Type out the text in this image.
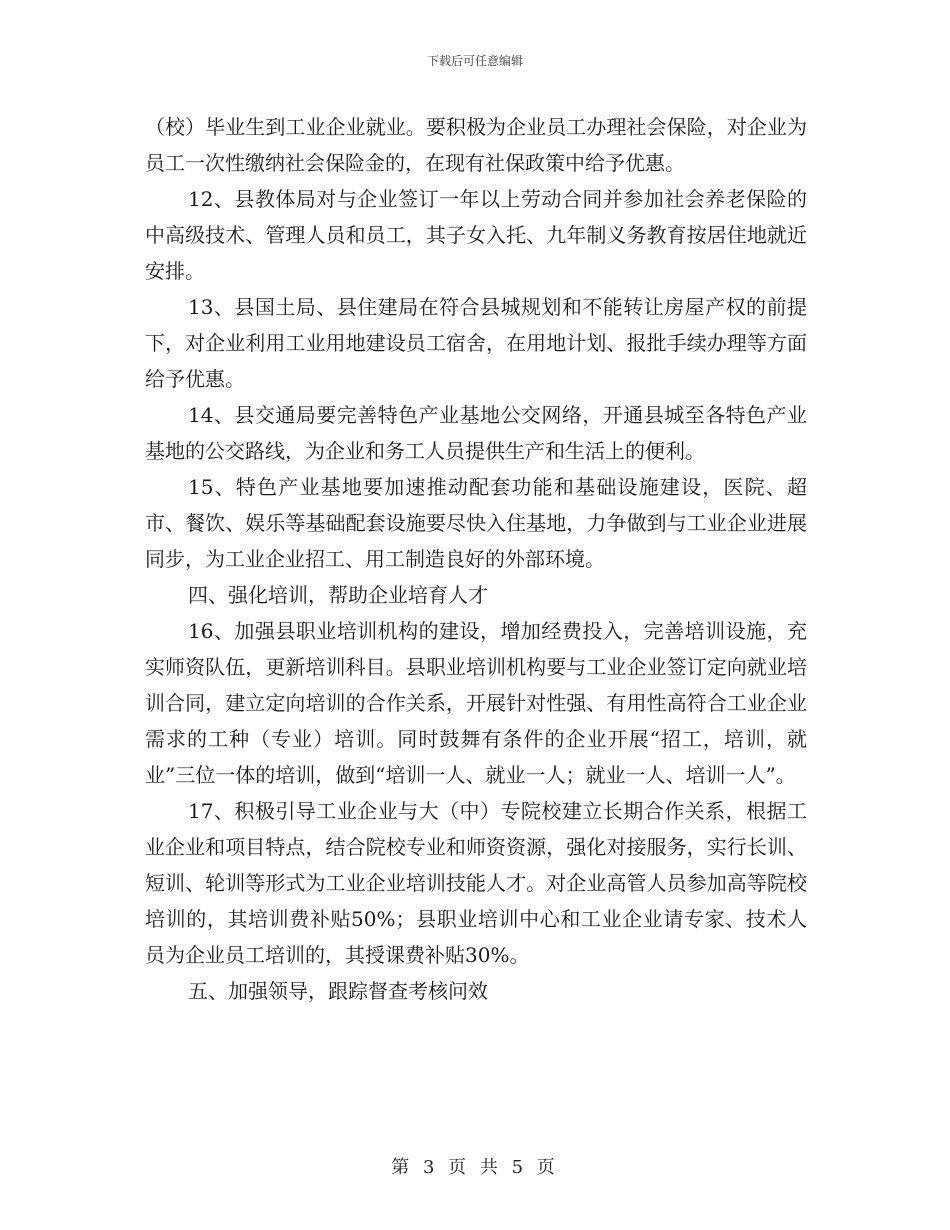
下载后可任意编辑

（校）毕业生到工业企业就业。要积极为企业员工办理社会保险，对企业为员工一次性缴纳社会保险金的，在现有社保政策中给予优惠。

12、县教体局对与企业签订一年以上劳动合同并参加社会养老保险的中高级技术、管理人员和员工，其子女入托、九年制义务教育按居住地就近安排。

13、县国土局、县住建局在符合县城规划和不能转让房屋产权的前提下，对企业利用工业用地建设员工宿舍，在用地计划、报批手续办理等方面给予优惠。

14、县交通局要完善特色产业基地公交网络，开通县城至各特色产业基地的公交路线，为企业和务工人员提供生产和生活上的便利。

15、特色产业基地要加速推动配套功能和基础设施建设，医院、超市、餐饮、娱乐等基础配套设施要尽快入住基地，力争做到与工业企业进展同步，为工业企业招工、用工制造良好的外部环境。

四、强化培训，帮助企业培育人才

16、加强县职业培训机构的建设，增加经费投入，完善培训设施，充实师资队伍，更新培训科目。县职业培训机构要与工业企业签订定向就业培训合同，建立定向培训的合作关系，开展针对性强、有用性高符合工业企业需求的工种（专业）培训。同时鼓舞有条件的企业开展“招工，培训，就业”三位一体的培训，做到“培训一人、就业一人；就业一人、培训一人”。

17、积极引导工业企业与大（中）专院校建立长期合作关系，根据工业企业和项目特点，结合院校专业和师资资源，强化对接服务，实行长训、短训、轮训等形式为工业企业培训技能人才。对企业高管人员参加高等院校培训的，其培训费补贴50%；县职业培训中心和工业企业请专家、技术人员为企业员工培训的，其授课费补贴30%。

五、加强领导，跟踪督查考核问效

第 3 页 共 5 页
